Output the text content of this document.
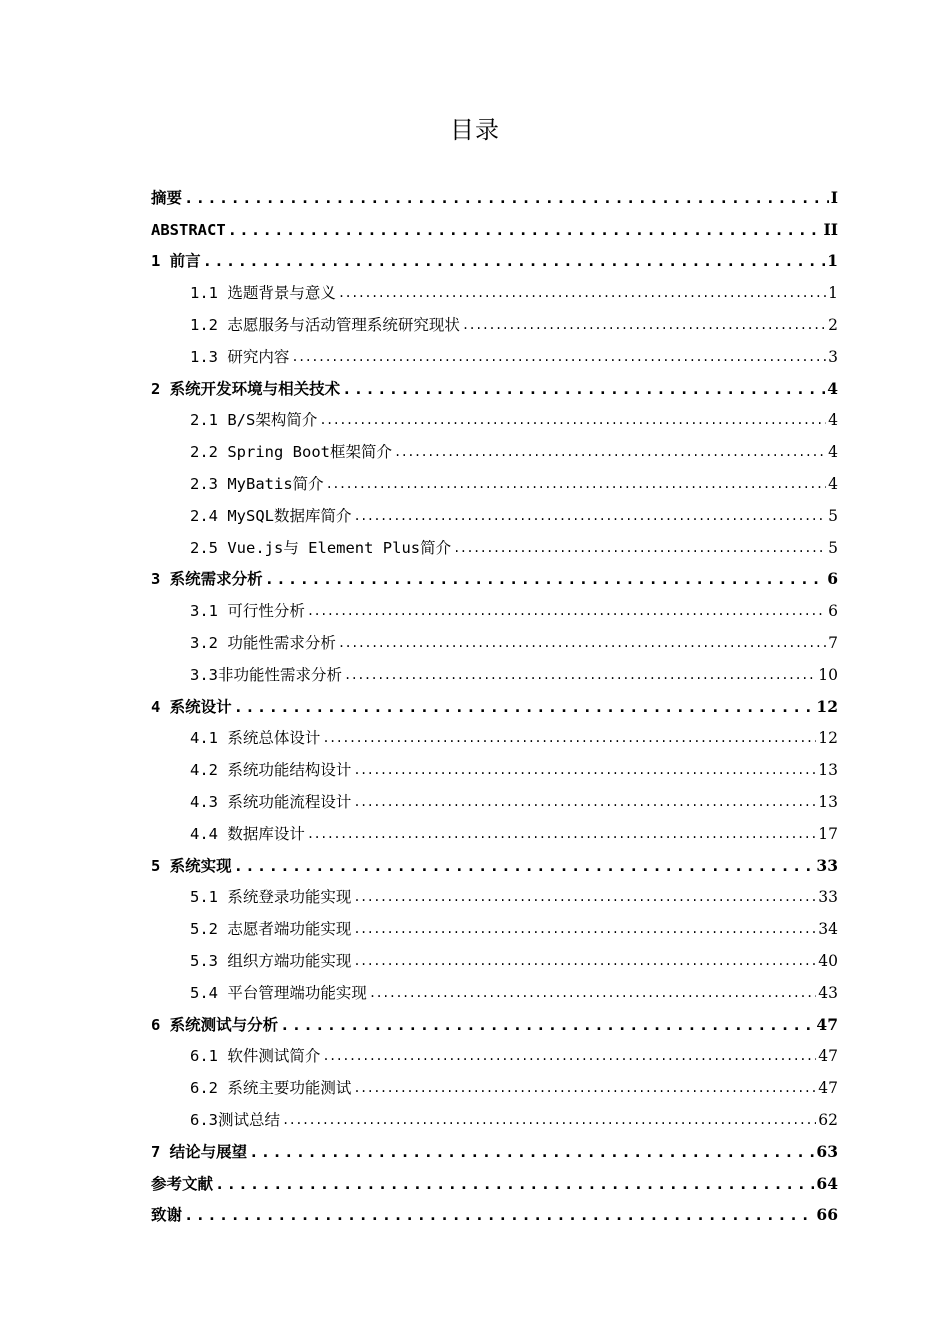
目录
摘要 .....	I
ABSTRACT .....	II
1 前言 .....	1
1.1 选题背景与意义 .....	1
1.2 志愿服务与活动管理系统研究现状 .....	2
1.3 研究内容 .....	3
2 系统开发环境与相关技术 .....	4
2.1 B/S架构简介 .....	4
2.2 Spring Boot框架简介 .....	4
2.3 MyBatis简介 .....	4
2.4 MySQL数据库简介 .....	5
2.5 Vue.js与 Element Plus简介 .....	5
3 系统需求分析 .....	6
3.1 可行性分析 .....	6
3.2 功能性需求分析 .....	7
3.3非功能性需求分析 .....	10
4 系统设计 .....	12
4.1 系统总体设计 .....	12
4.2 系统功能结构设计 .....	13
4.3 系统功能流程设计 .....	13
4.4 数据库设计 .....	17
5 系统实现 .....	33
5.1 系统登录功能实现 .....	33
5.2 志愿者端功能实现 .....	34
5.3 组织方端功能实现 .....	40
5.4 平台管理端功能实现 .....	43
6 系统测试与分析 .....	47
6.1 软件测试简介 .....	47
6.2 系统主要功能测试 .....	47
6.3测试总结 .....	62
7 结论与展望 .....	63
参考文献 .....	64
致谢 .....	66
